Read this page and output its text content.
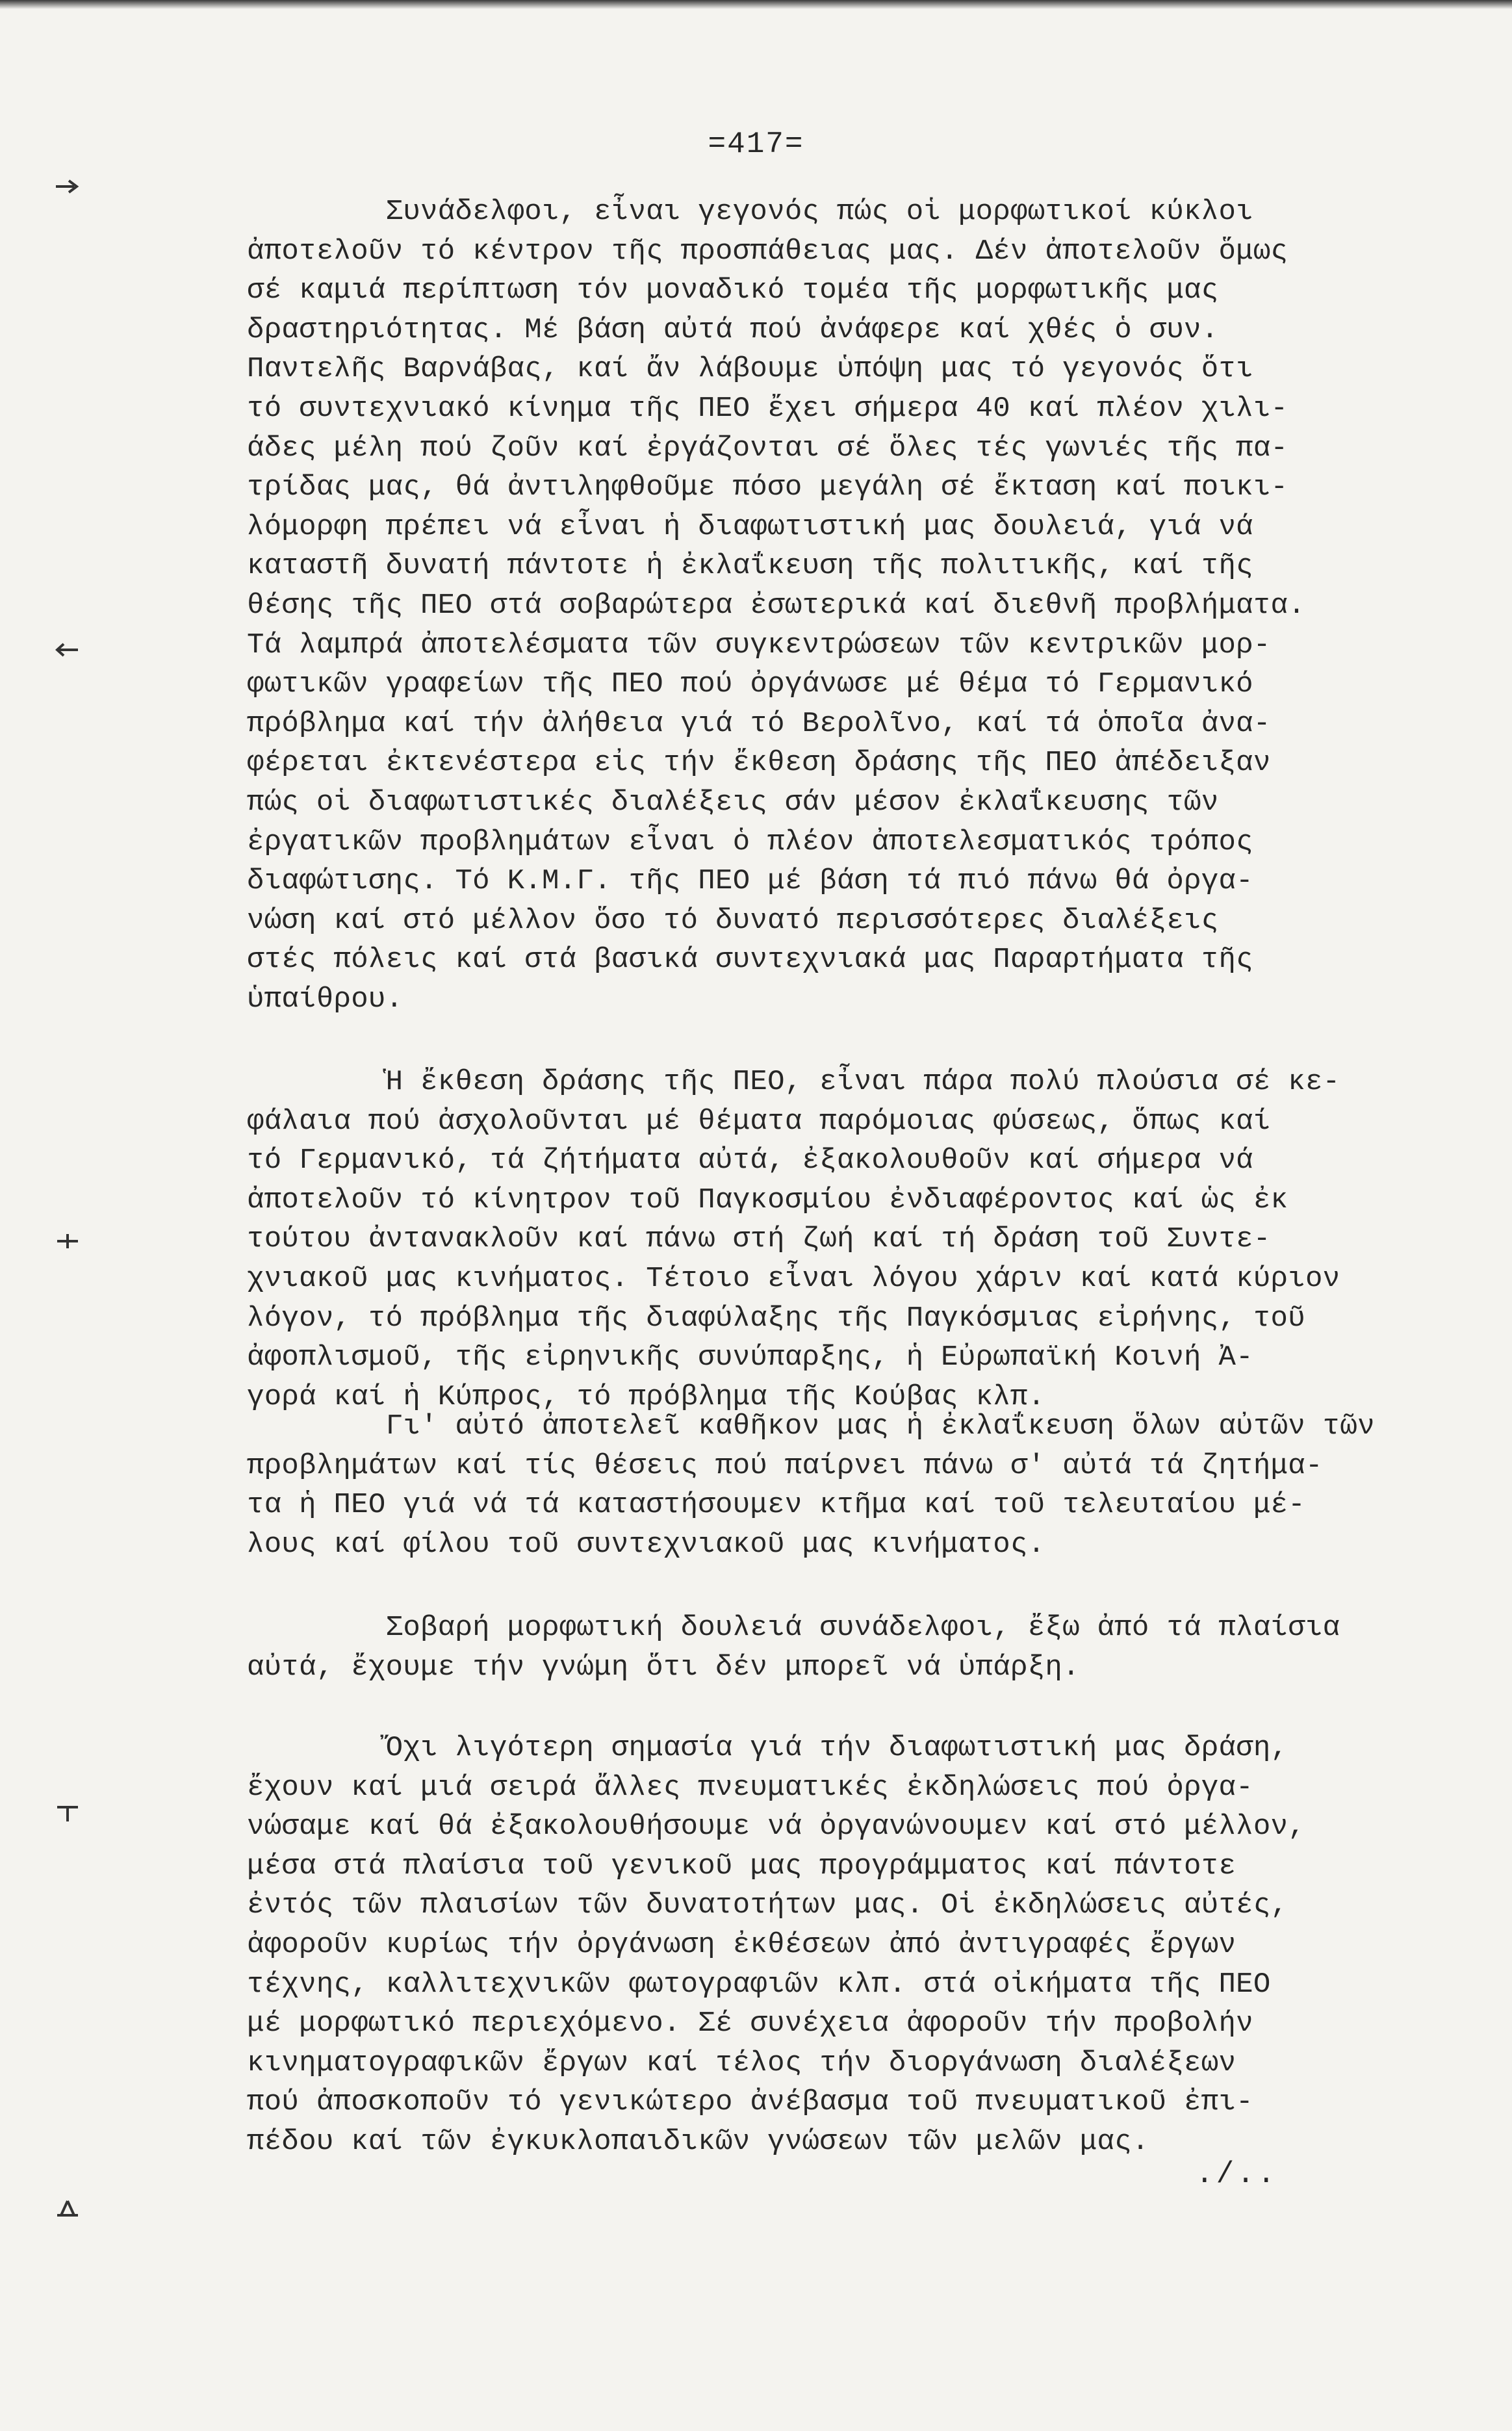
=417=
Συνάδελφοι, εἶναι γεγονός πώς οἱ μορφωτικοί κύκλοι
ἀποτελοῦν τό κέντρον τῆς προσπάθειας μας. Δέν ἀποτελοῦν ὅμως
σέ καμιά περίπτωση τόν μοναδικό τομέα τῆς μορφωτικῆς μας
δραστηριότητας. Μέ βάση αὐτά πού ἀνάφερε καί χθές ὁ συν.
Παντελῆς Βαρνάβας, καί ἄν λάβουμε ὑπόψη μας τό γεγονός ὅτι
τό συντεχνιακό κίνημα τῆς ΠΕΟ ἔχει σήμερα 40 καί πλέον χιλι-
άδες μέλη πού ζοῦν καί ἐργάζονται σέ ὅλες τές γωνιές τῆς πα-
τρίδας μας, θά ἀντιληφθοῦμε πόσο μεγάλη σέ ἔκταση καί ποικι-
λόμορφη πρέπει νά εἶναι ἡ διαφωτιστική μας δουλειά, γιά νά
καταστῆ δυνατή πάντοτε ἡ ἐκλαΐκευση τῆς πολιτικῆς, καί τῆς
θέσης τῆς ΠΕΟ στά σοβαρώτερα ἐσωτερικά καί διεθνῆ προβλήματα.
Τά λαμπρά ἀποτελέσματα τῶν συγκεντρώσεων τῶν κεντρικῶν μορ-
φωτικῶν γραφείων τῆς ΠΕΟ πού ὀργάνωσε μέ θέμα τό Γερμανικό
πρόβλημα καί τήν ἀλήθεια γιά τό Βερολῖνο, καί τά ὁποῖα ἀνα-
φέρεται ἐκτενέστερα εἰς τήν ἔκθεση δράσης τῆς ΠΕΟ ἀπέδειξαν
πώς οἱ διαφωτιστικές διαλέξεις σάν μέσον ἐκλαΐκευσης τῶν
ἐργατικῶν προβλημάτων εἶναι ὁ πλέον ἀποτελεσματικός τρόπος
διαφώτισης. Τό Κ.Μ.Γ. τῆς ΠΕΟ μέ βάση τά πιό πάνω θά ὀργα-
νώση καί στό μέλλον ὅσο τό δυνατό περισσότερες διαλέξεις
στές πόλεις καί στά βασικά συντεχνιακά μας Παραρτήματα τῆς
ὑπαίθρου.
Ἡ ἔκθεση δράσης τῆς ΠΕΟ, εἶναι πάρα πολύ πλούσια σέ κε-
φάλαια πού ἀσχολοῦνται μέ θέματα παρόμοιας φύσεως, ὅπως καί
τό Γερμανικό, τά ζήτήματα αὐτά, ἐξακολουθοῦν καί σήμερα νά
ἀποτελοῦν τό κίνητρον τοῦ Παγκοσμίου ἐνδιαφέροντος καί ὡς ἐκ
τούτου ἀντανακλοῦν καί πάνω στή ζωή καί τή δράση τοῦ Συντε-
χνιακοῦ μας κινήματος. Τέτοιο εἶναι λόγου χάριν καί κατά κύριον
λόγον, τό πρόβλημα τῆς διαφύλαξης τῆς Παγκόσμιας εἰρήνης, τοῦ
ἀφοπλισμοῦ, τῆς εἰρηνικῆς συνύπαρξης, ἡ Εὐρωπαϊκή Κοινή Ἀ-
γορά καί ἡ Κύπρος, τό πρόβλημα τῆς Κούβας κλπ.
Γι' αὐτό ἀποτελεῖ καθῆκον μας ἡ ἐκλαΐκευση ὅλων αὐτῶν τῶν
προβλημάτων καί τίς θέσεις πού παίρνει πάνω σ' αὐτά τά ζητήμα-
τα ἡ ΠΕΟ γιά νά τά καταστήσουμεν κτῆμα καί τοῦ τελευταίου μέ-
λους καί φίλου τοῦ συντεχνιακοῦ μας κινήματος.
Σοβαρή μορφωτική δουλειά συνάδελφοι, ἔξω ἀπό τά πλαίσια
αὐτά, ἔχουμε τήν γνώμη ὅτι δέν μπορεῖ νά ὑπάρξη.
Ὄχι λιγότερη σημασία γιά τήν διαφωτιστική μας δράση,
ἔχουν καί μιά σειρά ἄλλες πνευματικές ἐκδηλώσεις πού ὀργα-
νώσαμε καί θά ἐξακολουθήσουμε νά ὀργανώνουμεν καί στό μέλλον,
μέσα στά πλαίσια τοῦ γενικοῦ μας προγράμματος καί πάντοτε
ἐντός τῶν πλαισίων τῶν δυνατοτήτων μας. Οἱ ἐκδηλώσεις αὐτές,
ἀφοροῦν κυρίως τήν ὀργάνωση ἐκθέσεων ἀπό ἀντιγραφές ἔργων
τέχνης, καλλιτεχνικῶν φωτογραφιῶν κλπ. στά οἰκήματα τῆς ΠΕΟ
μέ μορφωτικό περιεχόμενο. Σέ συνέχεια ἀφοροῦν τήν προβολήν
κινηματογραφικῶν ἔργων καί τέλος τήν διοργάνωση διαλέξεων
πού ἀποσκοποῦν τό γενικώτερο ἀνέβασμα τοῦ πνευματικοῦ ἐπι-
πέδου καί τῶν ἐγκυκλοπαιδικῶν γνώσεων τῶν μελῶν μας.
./..
